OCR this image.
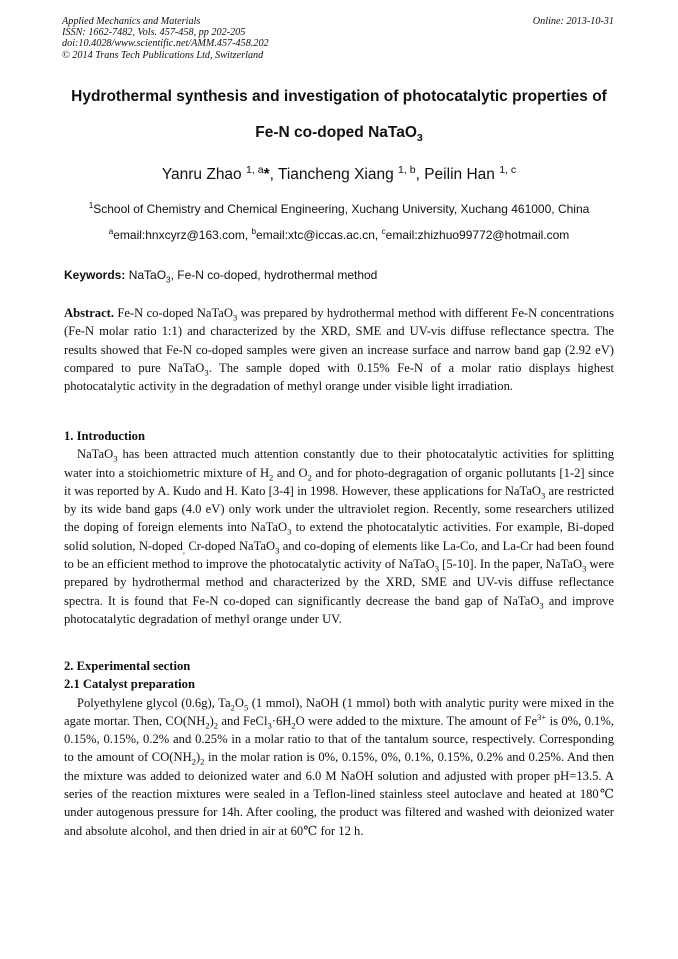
Applied Mechanics and Materials
ISSN: 1662-7482, Vols. 457-458, pp 202-205
doi:10.4028/www.scientific.net/AMM.457-458.202
© 2014 Trans Tech Publications Ltd, Switzerland
Online: 2013-10-31
Hydrothermal synthesis and investigation of photocatalytic properties of
Fe-N co-doped NaTaO$_3$
Yanru Zhao $^{1, a}$*, Tiancheng Xiang $^{1, b}$, Peilin Han $^{1, c}$
$^1$School of Chemistry and Chemical Engineering, Xuchang University, Xuchang 461000, China
$^a$email:hnxcyrz@163.com, $^b$email:xtc@iccas.ac.cn, $^c$email:zhizhuo99772@hotmail.com
Keywords: NaTaO$_3$, Fe-N co-doped, hydrothermal method

Abstract. Fe-N co-doped NaTaO$_3$ was prepared by hydrothermal method with different Fe-N concentrations (Fe-N molar ratio 1:1) and characterized by the XRD, SME and UV-vis diffuse reflectance spectra. The results showed that Fe-N co-doped samples were given an increase surface and narrow band gap (2.92 eV) compared to pure NaTaO$_3$. The sample doped with 0.15% Fe-N of a molar ratio displays highest photocatalytic activity in the degradation of methyl orange under visible light irradiation.

1. Introduction

NaTaO$_3$ has been attracted much attention constantly due to their photocatalytic activities for splitting water into a stoichiometric mixture of $H_2$ and $O_2$ and for photo-degragation of organic pollutants [1-2] since it was reported by A. Kudo and H. Kato [3-4] in 1998. However, these applications for NaTaO$_3$ are restricted by its wide band gaps (4.0 eV) only work under the ultraviolet region. Recently, some researchers utilized the doping of foreign elements into NaTaO$_3$ to extend the photocatalytic activities. For example, Bi-doped solid solution, N-doped$_,$ Cr-doped NaTaO$_3$ and co-doping of elements like La-Co, and La-Cr had been found to be an efficient method to improve the photocatalytic activity of NaTaO$_3$ [5-10]. In the paper, NaTaO$_3$ were prepared by hydrothermal method and characterized by the XRD, SME and UV-vis diffuse reflectance spectra. It is found that Fe-N co-doped can significantly decrease the band gap of NaTaO$_3$ and improve photocatalytic degradation of methyl orange under UV.

2. Experimental section

2.1 Catalyst preparation

Polyethylene glycol (0.6g), $Ta_2O_5$ (1 mmol), NaOH (1 mmol) both with analytic purity were mixed in the agate mortar. Then, $CO(NH_2)_2$ and $FeCl_3\cdot 6H_2O$ were added to the mixture. The amount of $Fe^{3+}$ is 0%, 0.1%, 0.15%, 0.15%, 0.2% and 0.25% in a molar ratio to that of the tantalum source, respectively. Corresponding to the amount of $CO(NH_2)_2$ in the molar ration is 0%, 0.15%, 0%, 0.1%, 0.15%, 0.2% and 0.25%. And then the mixture was added to deionized water and 6.0 M NaOH solution and adjusted with proper pH=13.5. A series of the reaction mixtures were sealed in a Teflon-lined stainless steel autoclave and heated at 180℃ under autogenous pressure for 14h. After cooling, the product was filtered and washed with deionized water and absolute alcohol, and then dried in air at 60℃ for 12 h.
